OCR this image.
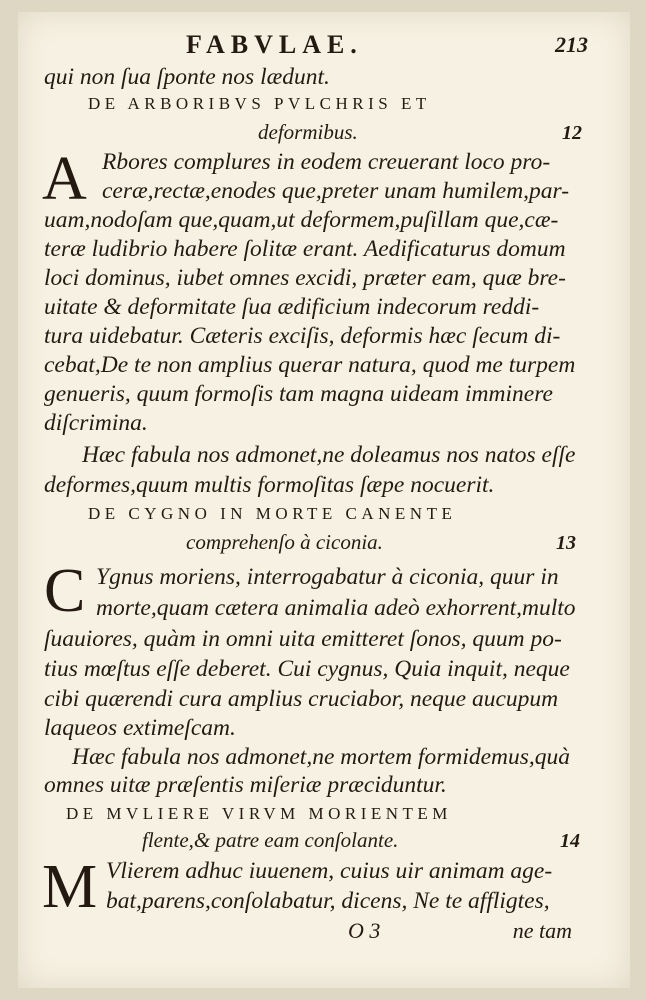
FABVLAE.	213
qui non ſua ſponte nos lædunt.
DE ARBORIBVS PVLCHRIS ET
deformibus.	12
A Rbores complures in eodem creuerant loco pro-
ceræ,rectæ,enodes que,preter unam humilem,par-
uam,nodoſam que,quam,ut deformem,puſillam que,cæ-
teræ ludibrio habere ſolitæ erant. Aedificaturus domum
loci dominus, iubet omnes excidi, præter eam, quæ bre-
uitate & deformitate ſua ædificium indecorum reddi-
tura uidebatur. Cæteris exciſis, deformis hæc ſecum di-
cebat,De te non amplius querar natura, quod me turpem
genueris, quum formoſis tam magna uideam imminere
diſcrimina.
Hæc fabula nos admonet,ne doleamus nos natos eſſe
deformes,quum multis formoſitas ſæpe nocuerit.
DE CYGNO IN MORTE CANENTE
comprehenſo à ciconia.	13
C Ygnus moriens, interrogabatur à ciconia, quur in
morte,quam cætera animalia adeò exhorrent,multo
ſuauiores, quàm in omni uita emitteret ſonos, quum po-
tius mœſtus eſſe deberet. Cui cygnus, Quia inquit, neque
cibi quærendi cura amplius cruciabor, neque aucupum
laqueos extimeſcam.
Hæc fabula nos admonet,ne mortem formidemus,quà
omnes uitæ præſentis miſeriæ præciduntur.
DE MVLIERE VIRVM MORIENTEM
flente,& patre eam conſolante.	14
M Vlierem adhuc iuuenem, cuius uir animam age-
bat,parens,conſolabatur, dicens, Ne te affligtes,
O 3	ne tam
